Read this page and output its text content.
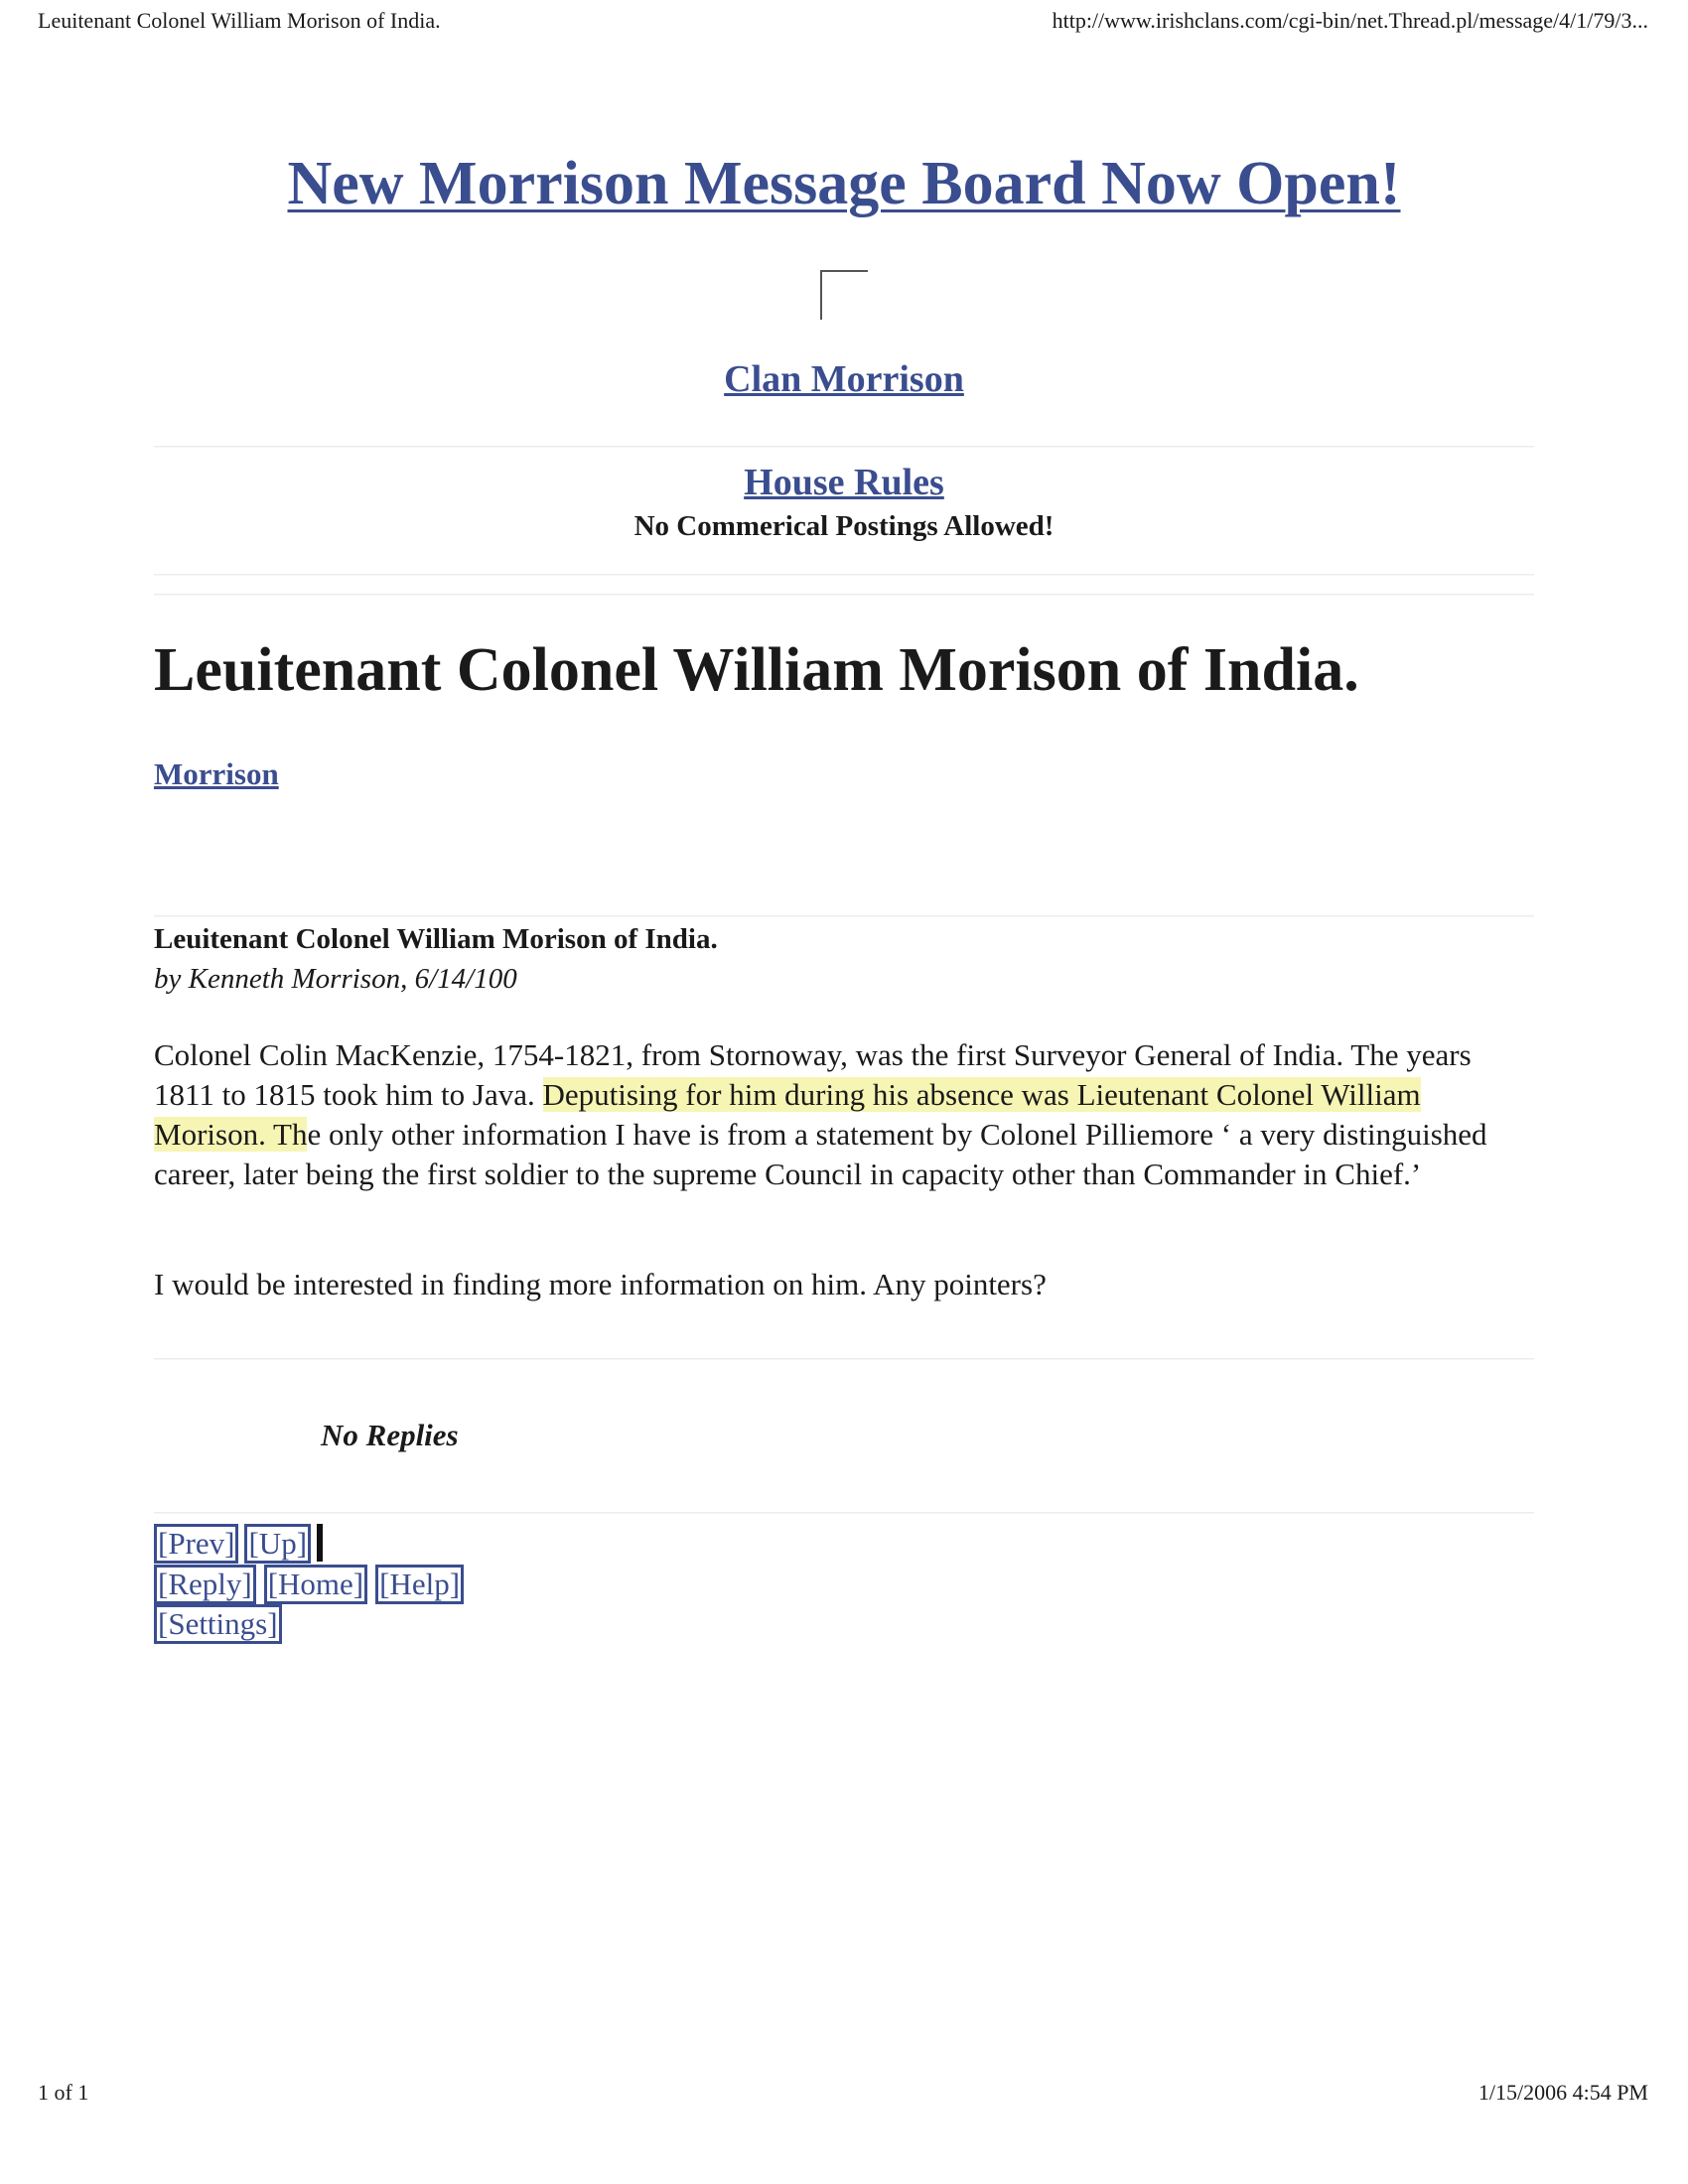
Leuitenant Colonel William Morison of India.	http://www.irishclans.com/cgi-bin/net.Thread.pl/message/4/1/79/3...
New Morrison Message Board Now Open!
Clan Morrison
House Rules
No Commerical Postings Allowed!
Leuitenant Colonel William Morison of India.
Morrison
Leuitenant Colonel William Morison of India.
by Kenneth Morrison, 6/14/100
Colonel Colin MacKenzie, 1754-1821, from Stornoway, was the first Surveyor General of India. The years 1811 to 1815 took him to Java. Deputising for him during his absence was Lieutenant Colonel William Morison. The only other information I have is from a statement by Colonel Pilliemore ‘ a very distinguished career, later being the first soldier to the supreme Council in capacity other than Commander in Chief.’
I would be interested in finding more information on him. Any pointers?
No Replies
[Prev] [Up]
[Reply] [Home] [Help]
[Settings]
1 of 1	1/15/2006 4:54 PM
